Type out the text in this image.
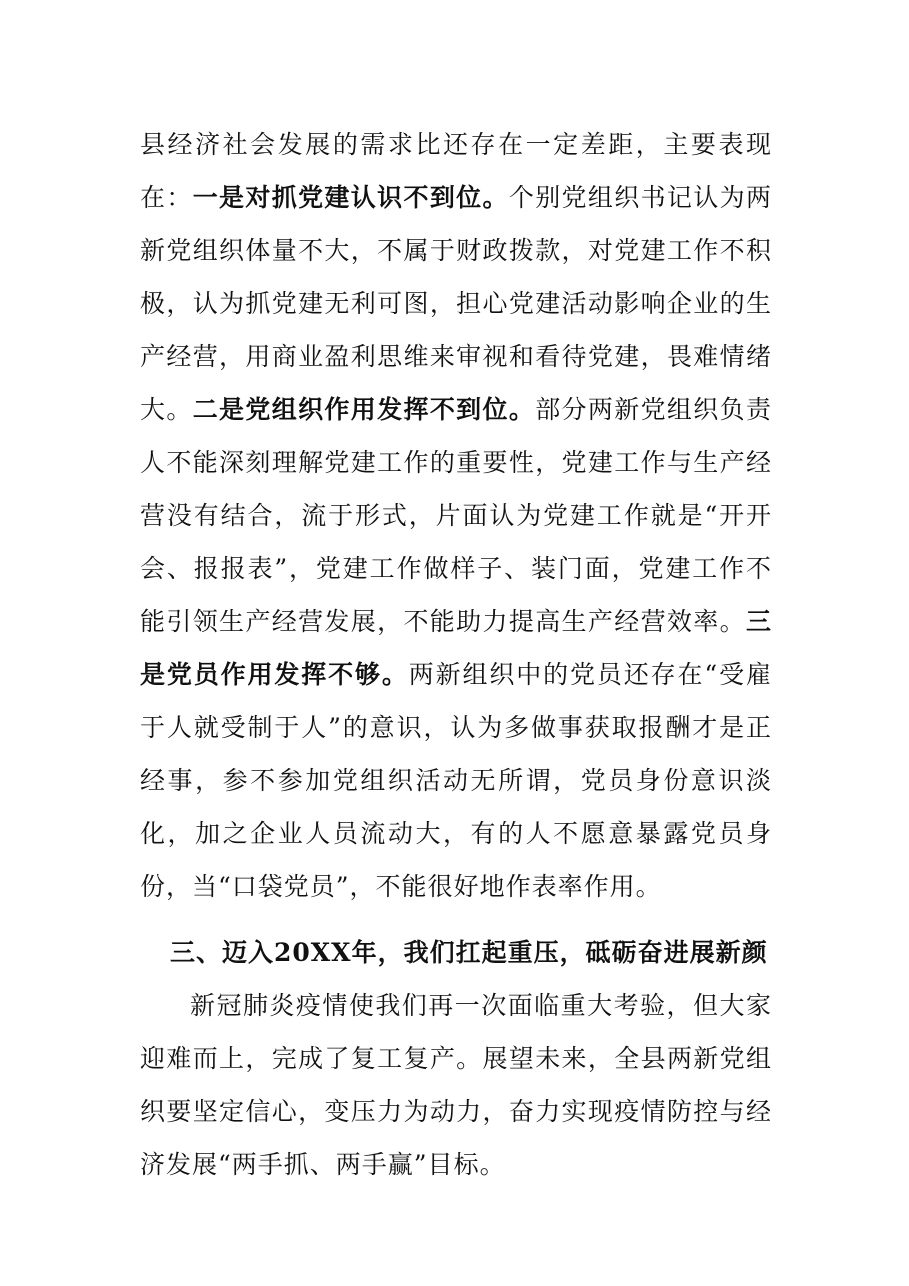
县经济社会发展的需求比还存在一定差距，主要表现在：一是对抓党建认识不到位。个别党组织书记认为两新党组织体量不大，不属于财政拨款，对党建工作不积极，认为抓党建无利可图，担心党建活动影响企业的生产经营，用商业盈利思维来审视和看待党建，畏难情绪大。二是党组织作用发挥不到位。部分两新党组织负责人不能深刻理解党建工作的重要性，党建工作与生产经营没有结合，流于形式，片面认为党建工作就是“开开会、报报表”，党建工作做样子、装门面，党建工作不能引领生产经营发展，不能助力提高生产经营效率。三是党员作用发挥不够。两新组织中的党员还存在“受雇于人就受制于人”的意识，认为多做事获取报酬才是正经事，参不参加党组织活动无所谓，党员身份意识淡化，加之企业人员流动大，有的人不愿意暴露党员身份，当“口袋党员”，不能很好地作表率作用。

三、迈入20XX年，我们扛起重压，砥砺奋进展新颜

新冠肺炎疫情使我们再一次面临重大考验，但大家迎难而上，完成了复工复产。展望未来，全县两新党组织要坚定信心，变压力为动力，奋力实现疫情防控与经济发展“两手抓、两手赢”目标。
